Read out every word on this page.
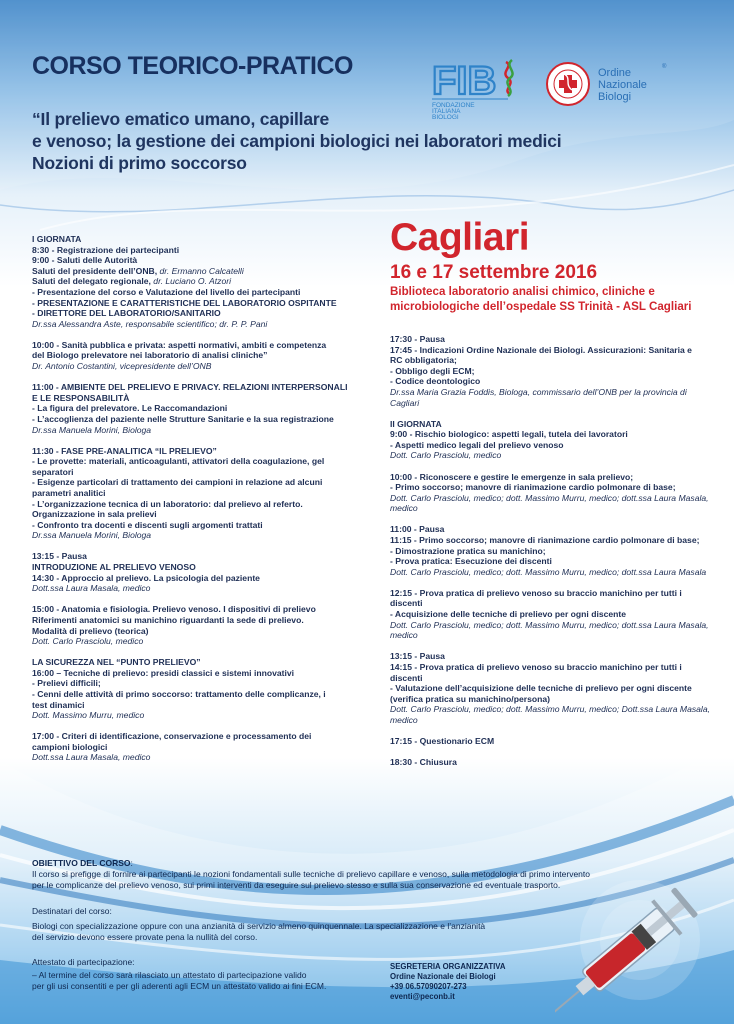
CORSO TEORICO-PRATICO
“Il prelievo ematico umano, capillare
e venoso; la gestione dei campioni biologici nei laboratori medici
Nozioni di primo soccorso
FIB
FONDAZIONE
ITALIANA
BIOLOGI
Ordine
Nazionale
Biologi
®
Cagliari
16 e 17 settembre 2016
Biblioteca laboratorio analisi chimico, cliniche e
microbiologiche dell’ospedale SS Trinità - ASL Cagliari
I GIORNATA
8:30 - Registrazione dei partecipanti
9:00 - Saluti delle Autorità
Saluti del presidente dell’ONB, dr. Ermanno Calcatelli
Saluti del delegato regionale, dr. Luciano O. Atzori
- Presentazione del corso e Valutazione del livello dei partecipanti
- PRESENTAZIONE E CARATTERISTICHE DEL LABORATORIO OSPITANTE
- DIRETTORE DEL LABORATORIO/SANITARIO
Dr.ssa Alessandra Aste, responsabile scientifico; dr. P. P. Pani
10:00 - Sanità pubblica e privata: aspetti normativi, ambiti e competenza
del Biologo prelevatore nei laboratorio di analisi cliniche”
Dr. Antonio Costantini, vicepresidente dell’ONB
11:00 - AMBIENTE DEL PRELIEVO E PRIVACY. RELAZIONI INTERPERSONALI
E LE RESPONSABILITÀ
- La figura del prelevatore. Le Raccomandazioni
- L’accoglienza del paziente nelle Strutture Sanitarie e la sua registrazione
Dr.ssa Manuela Morini, Biologa
11:30 - FASE PRE-ANALITICA “IL PRELIEVO”
- Le provette: materiali, anticoagulanti, attivatori della coagulazione, gel
separatori
- Esigenze particolari di trattamento dei campioni in relazione ad alcuni
parametri analitici
- L’organizzazione tecnica di un laboratorio: dal prelievo al referto.
Organizzazione in sala prelievi
- Confronto tra docenti e discenti sugli argomenti trattati
Dr.ssa Manuela Morini, Biologa
13:15 - Pausa
INTRODUZIONE AL PRELIEVO VENOSO
14:30 - Approccio al prelievo. La psicologia del paziente
Dott.ssa Laura Masala, medico
15:00 - Anatomia e fisiologia. Prelievo venoso. I dispositivi di prelievo
Riferimenti anatomici su manichino riguardanti la sede di prelievo.
Modalità di prelievo (teorica)
Dott. Carlo Prasciolu, medico
LA SICUREZZA NEL “PUNTO PRELIEVO”
16:00 – Tecniche di prelievo: presidi classici e sistemi innovativi
- Prelievi difficili;
- Cenni delle attività di primo soccorso: trattamento delle complicanze, i
test dinamici
Dott. Massimo Murru, medico
17:00 - Criteri di identificazione, conservazione e processamento dei
campioni biologici
Dott.ssa Laura Masala, medico
17:30 - Pausa
17:45 - Indicazioni Ordine Nazionale dei Biologi. Assicurazioni: Sanitaria e
RC obbligatoria;
- Obbligo degli ECM;
- Codice deontologico
Dr.ssa Maria Grazia Foddis, Biologa, commissario dell’ONB per la provincia di
Cagliari
II GIORNATA
9:00 - Rischio biologico: aspetti legali, tutela dei lavoratori
- Aspetti medico legali del prelievo venoso
Dott. Carlo Prasciolu, medico
10:00 - Riconoscere e gestire le emergenze in sala prelievo;
- Primo soccorso; manovre di rianimazione cardio polmonare di base;
Dott. Carlo Prasciolu, medico; dott. Massimo Murru, medico; dott.ssa Laura Masala,
medico
11:00 - Pausa
11:15 - Primo soccorso; manovre di rianimazione cardio polmonare di base;
- Dimostrazione pratica su manichino;
- Prova pratica: Esecuzione dei discenti
Dott. Carlo Prasciolu, medico; dott. Massimo Murru, medico; dott.ssa Laura Masala
12:15 - Prova pratica di prelievo venoso su braccio manichino per tutti i
discenti
- Acquisizione delle tecniche di prelievo per ogni discente
Dott. Carlo Prasciolu, medico; dott. Massimo Murru, medico; dott.ssa Laura Masala,
medico
13:15 - Pausa
14:15 - Prova pratica di prelievo venoso su braccio manichino per tutti i
discenti
- Valutazione dell’acquisizione delle tecniche di prelievo per ogni discente
(verifica pratica su manichino/persona)
Dott. Carlo Prasciolu, medico; dott. Massimo Murru, medico; Dott.ssa Laura Masala,
medico
17:15 - Questionario ECM
18:30 - Chiusura
OBIETTIVO DEL CORSO:
Il corso si prefigge di fornire ai partecipanti le nozioni fondamentali sulle tecniche di prelievo capillare e venoso, sulla metodologia di primo intervento
per le complicanze del prelievo venoso, sui primi interventi da eseguire sul prelievo stesso e sulla sua conservazione ed eventuale trasporto.
Destinatari del corso:
Biologi con specializzazione oppure con una anzianità di servizio almeno quinquennale. La specializzazione e l’anzianità
del servizio devono essere provate pena la nullità del corso.
Attestato di partecipazione:
– Al termine del corso sarà rilasciato un attestato di partecipazione valido
per gli usi consentiti e per gli aderenti agli ECM un attestato valido ai fini ECM.
SEGRETERIA ORGANIZZATIVA
Ordine Nazionale dei Biologi
+39 06.57090207-273
eventi@peconb.it
